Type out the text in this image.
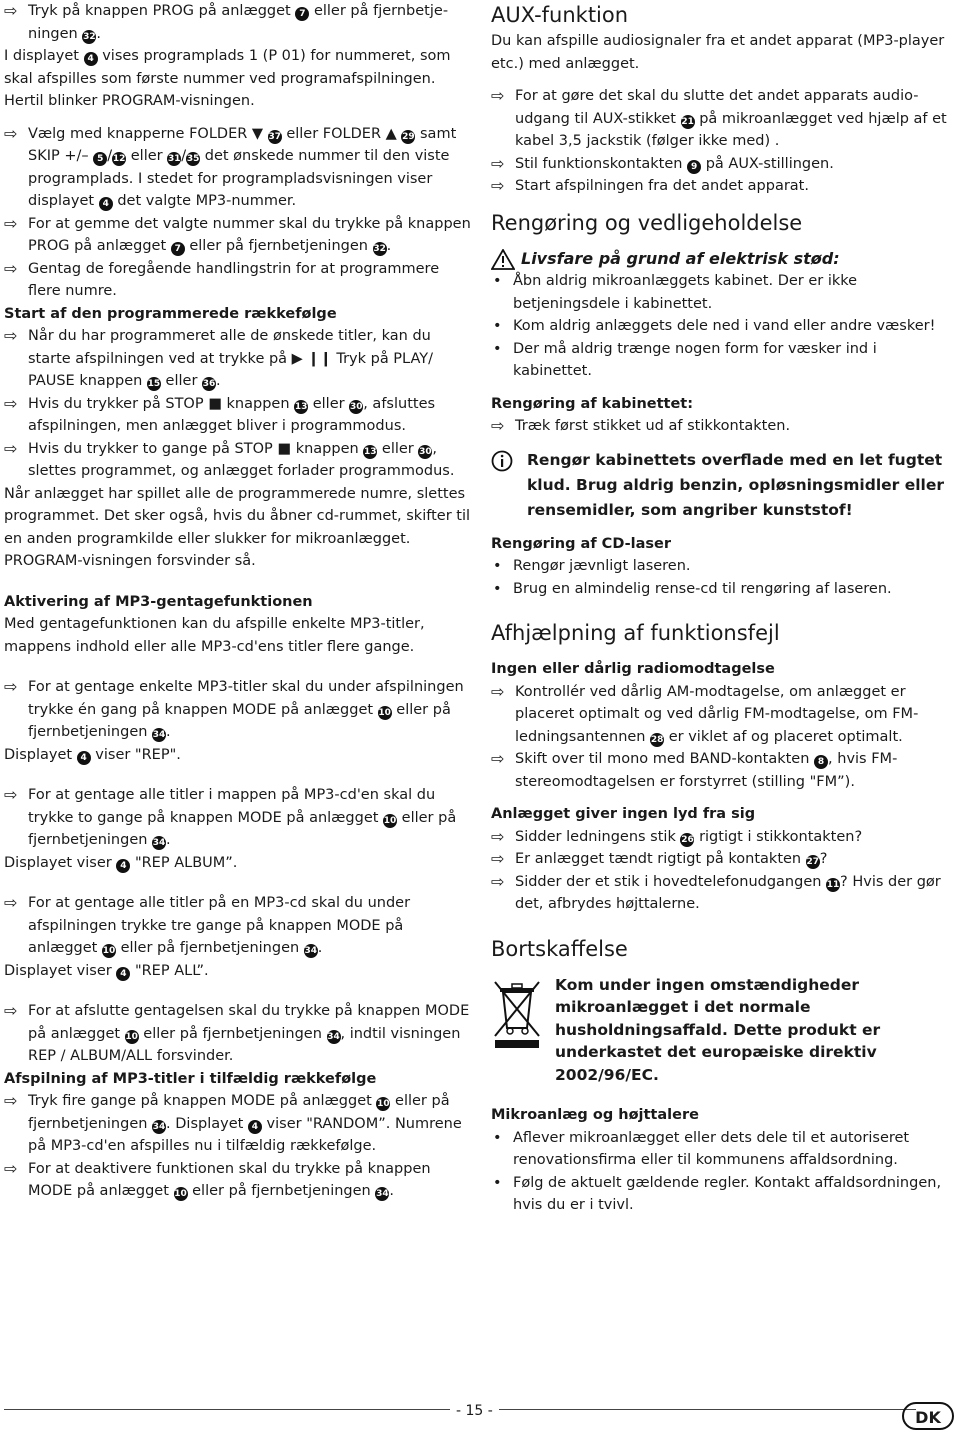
⇨ Tryk på knappen PROG på anlægget 7 eller på fjernbetje-ningen 32.

I displayet 4 vises programplads 1 (P 01) for nummeret, som skal afspilles som første nummer ved programafspilningen. Hertil blinker PROGRAM-visningen.

⇨ Vælg med knapperne FOLDER ▼ 37 eller FOLDER ▲ 29 samt SKIP +/– 5 /12 eller 31/35 det ønskede nummer til den viste programplads. I stedet for programpladsvisningen viser displayet 4 det valgte MP3-nummer.

⇨ For at gemme det valgte nummer skal du trykke på knappen PROG på anlægget 7 eller på fjernbetjeningen 32.

⇨ Gentag de foregående handlingstrin for at programmere flere numre.

Start af den programmerede rækkefølge

⇨ Når du har programmeret alle de ønskede titler, kan du starte afspilningen ved at trykke på ▶ ❙❙ Tryk på PLAY/ PAUSE knappen 15 eller 36.

⇨ Hvis du trykker på STOP ■ knappen 13 eller 30, afsluttes afspilningen, men anlægget bliver i programmodus.

⇨ Hvis du trykker to gange på STOP ■ knappen 13 eller 30, slettes programmet, og anlægget forlader programmodus.

Når anlægget har spillet alle de programmerede numre, slettes programmet. Det sker også, hvis du åbner cd-rummet, skifter til en anden programkilde eller slukker for mikroanlægget. PROGRAM-visningen forsvinder så.

Aktivering af MP3-gentagefunktionen

Med gentagefunktionen kan du afspille enkelte MP3-titler, mappens indhold eller alle MP3-cd'ens titler flere gange.

⇨ For at gentage enkelte MP3-titler skal du under afspilningen trykke én gang på knappen MODE på anlægget 10 eller på fjernbetjeningen 34.

Displayet 4 viser "REP".

⇨ For at gentage alle titler i mappen på MP3-cd'en skal du trykke to gange på knappen MODE på anlægget 10 eller på fjernbetjeningen 34.

Displayet viser 4 "REP ALBUM”.

⇨ For at gentage alle titler på en MP3-cd skal du under afspilningen trykke tre gange på knappen MODE på anlægget 10 eller på fjernbetjeningen 34.

Displayet viser 4 "REP ALL”.

⇨ For at afslutte gentagelsen skal du trykke på knappen MODE på anlægget 10 eller på fjernbetjeningen 34, indtil visningen REP / ALBUM/ALL forsvinder.

Afspilning af MP3-titler i tilfældig rækkefølge

⇨ Tryk fire gange på knappen MODE på anlægget 10 eller på fjernbetjeningen 34. Displayet 4 viser "RANDOM”. Numrene på MP3-cd'en afspilles nu i tilfældig rækkefølge.

⇨ For at deaktivere funktionen skal du trykke på knappen MODE på anlægget 10 eller på fjernbetjeningen 34.

AUX-funktion

Du kan afspille audiosignaler fra et andet apparat (MP3-player etc.) med anlægget.

⇨ For at gøre det skal du slutte det andet apparats audio-udgang til AUX-stikket 21 på mikroanlægget ved hjælp af et kabel 3,5 jackstik (følger ikke med) .

⇨ Stil funktionskontakten 9 på AUX-stillingen.

⇨ Start afspilningen fra det andet apparat.

Rengøring og vedligeholdelse

Livsfare på grund af elektrisk stød:

• Åbn aldrig mikroanlæggets kabinet. Der er ikke betjeningsdele i kabinettet.

• Kom aldrig anlæggets dele ned i vand eller andre væsker!

• Der må aldrig trænge nogen form for væsker ind i kabinettet.

Rengøring af kabinettet:

⇨ Træk først stikket ud af stikkontakten.

Rengør kabinettets overflade med en let fugtet klud. Brug aldrig benzin, opløsningsmidler eller rensemidler, som angriber kunststof!

Rengøring af CD-laser

• Rengør jævnligt laseren.

• Brug en almindelig rense-cd til rengøring af laseren.

Afhjælpning af funktionsfejl

Ingen eller dårlig radiomodtagelse

⇨ Kontrollér ved dårlig AM-modtagelse, om anlægget er placeret optimalt og ved dårlig FM-modtagelse, om FM-ledningsantennen 28 er viklet af og placeret optimalt.

⇨ Skift over til mono med BAND-kontakten 8 , hvis FM-stereomodtagelsen er forstyrret (stilling "FM”).

Anlægget giver ingen lyd fra sig

⇨ Sidder ledningens stik 26 rigtigt i stikkontakten?

⇨ Er anlægget tændt rigtigt på kontakten 27?

⇨ Sidder der et stik i hovedtelefonudgangen 11? Hvis der gør det, afbrydes højttalerne.

Bortskaffelse

Kom under ingen omstændigheder mikroanlægget i det normale husholdningsaffald. Dette produkt er underkastet det europæiske direktiv 2002/96/EC.

Mikroanlæg og højttalere

• Aflever mikroanlægget eller dets dele til et autoriseret renovationsfirma eller til kommunens affaldsordning.

• Følg de aktuelt gældende regler. Kontakt affaldsordningen, hvis du er i tvivl.

- 15 -	DK
